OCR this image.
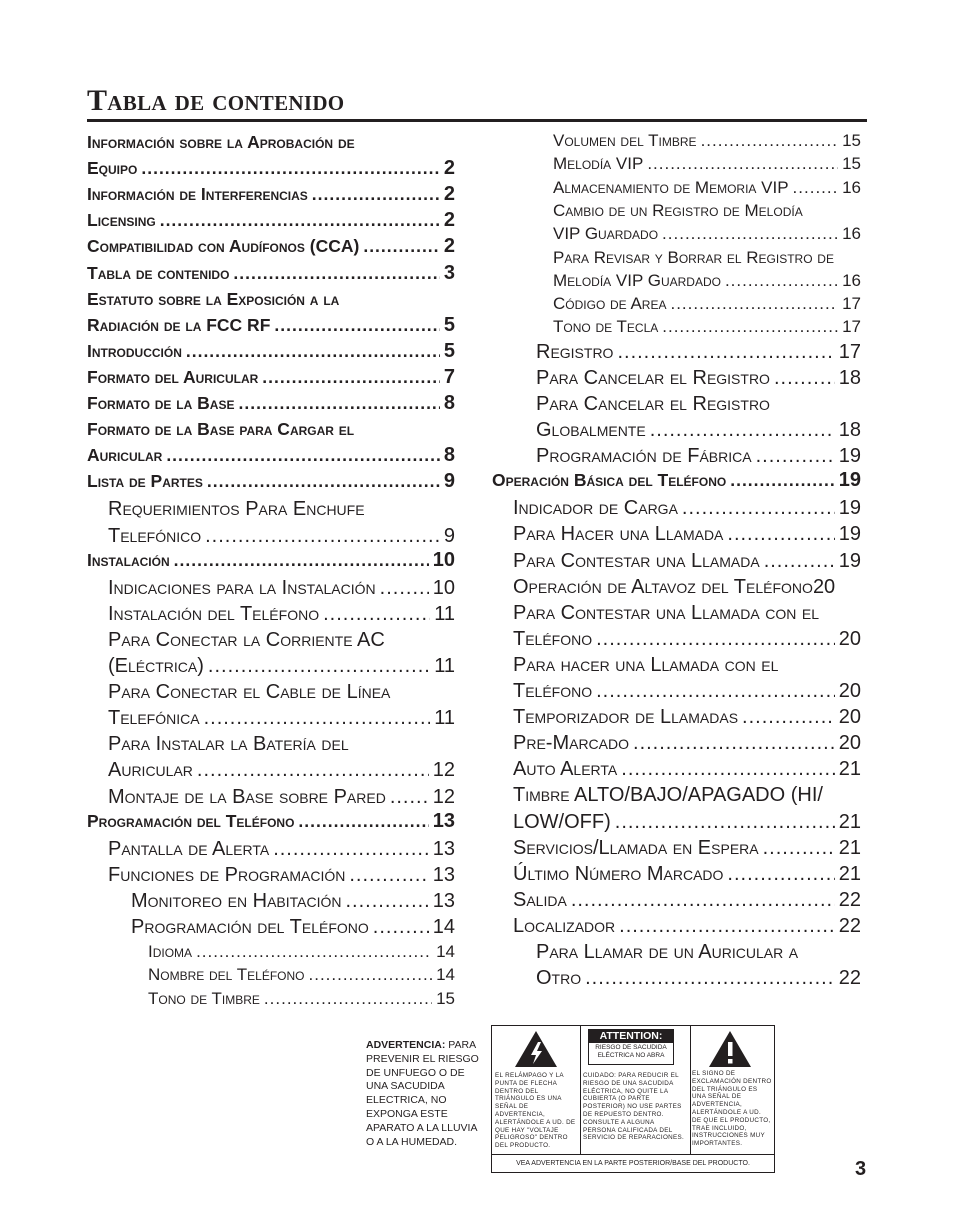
Tabla de contenido
Información sobre la Aprobación de
Equipo .....	2
Información de Interferencias .....	2
Licensing .....	2
Compatibilidad con Audífonos (CCA) .....	2
Tabla de contenido .....	3
Estatuto sobre la Exposición a la
Radiación de la FCC RF .....	5
Introducción .....	5
Formato del Auricular .....	7
Formato de la Base .....	8
Formato de la Base para Cargar el
Auricular .....	8
Lista de Partes .....	9
Requerimientos Para Enchufe
Telefónico .....	9
Instalación .....	10
Indicaciones para la Instalación .....	10
Instalación del Teléfono .....	11
Para Conectar la Corriente AC
(Eléctrica) .....	11
Para Conectar el Cable de Línea
Telefónica .....	11
Para Instalar la Batería del
Auricular .....	12
Montaje de la Base sobre Pared ..... 12
Programación del Teléfono .....	13
Pantalla de Alerta .....	13
Funciones de Programación .....	13
Monitoreo en Habitación .....	13
Programación del Teléfono .....	14
Idioma .....	14
Nombre del Teléfono .....	14
Tono de Timbre .....	15
Volumen del Timbre .....	15
Melodía VIP .....	15
Almacenamiento de Memoria VIP .....	16
Cambio de un Registro de Melodía
VIP Guardado .....	16
Para Revisar y Borrar el Registro de
Melodía VIP Guardado .....	16
Código de Area .....	17
Tono de Tecla .....	17
Registro .....	17
Para Cancelar el Registro .....	18
Para Cancelar el Registro
Globalmente .....	18
Programación de Fábrica .....	19
Operación Básica del Teléfono .....	19
Indicador de Carga .....	19
Para Hacer una Llamada .....	19
Para Contestar una Llamada .....	19
Operación de Altavoz del Teléfono 20
Para Contestar una Llamada con el
Teléfono .....	20
Para hacer una Llamada con el
Teléfono .....	20
Temporizador de Llamadas .....	20
Pre-Marcado .....	20
Auto Alerta .....	21
Timbre ALTO/BAJO/APAGADO (HI/
LOW/OFF) .....	21
Servicios/Llamada en Espera .....	21
Último Número Marcado .....	21
Salida .....	22
Localizador .....	22
Para Llamar de un Auricular a
Otro .....	22
ADVERTENCIA: PARA PREVENIR EL RIESGO DE UNFUEGO O DE UNA SACUDIDA ELECTRICA, NO EXPONGA ESTE APARATO A LA LLUVIA O A LA HUMEDAD.
EL RELÁMPAGO Y LA PUNTA DE FLECHA DENTRO DEL TRIÁNGULO ES UNA SEÑAL DE ADVERTENCIA, ALERTÁNDOLE A UD. DE QUE HAY "VOLTAJE PELIGROSO" DENTRO DEL PRODUCTO.
ATTENTION:
RIESGO DE SACUDIDA ELÉCTRICA NO ABRA
CUIDADO: PARA REDUCIR EL RIESGO DE UNA SACUDIDA ELÉCTRICA, NO QUITE LA CUBIERTA (O PARTE POSTERIOR) NO USE PARTES DE REPUESTO DENTRO. CONSULTE A ALGUNA PERSONA CALIFICADA DEL SERVICIO DE REPARACIONES.
EL SIGNO DE EXCLAMACIÓN DENTRO DEL TRIÁNGULO ES UNA SEÑAL DE ADVERTENCIA, ALERTÁNDOLE A UD. DE QUE EL PRODUCTO, TRAE INCLUIDO, INSTRUCCIONES MUY IMPORTANTES.
VEA ADVERTENCIA EN LA PARTE POSTERIOR/BASE DEL PRODUCTO.	3
